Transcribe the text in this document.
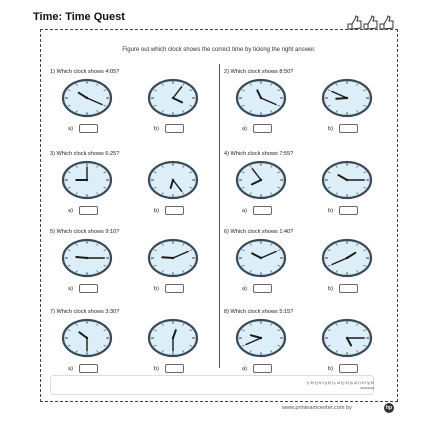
Time: Time Quest
Figure out which clock shows the correct time by ticking the right answer.
1) Which clock shows 4:05?
a)	b)
2) Which clock shows 8:50?
a)	b)
3) Which clock shows 6:25?
a)	b)
4) Which clock shows 7:55?
a)	b)
5) Which clock shows 9:10?
a)	b)
6) Which clock shows 1:40?
a)	b)
7) Which clock shows 3:30?
a)	b)
8) Which clock shows 5:15?
a)	b)
Answers
(q 8) (q L) (e 9) (q S) (e V) (q E) (q Z) (q 1)
www.printeamcenter.com by	hp
